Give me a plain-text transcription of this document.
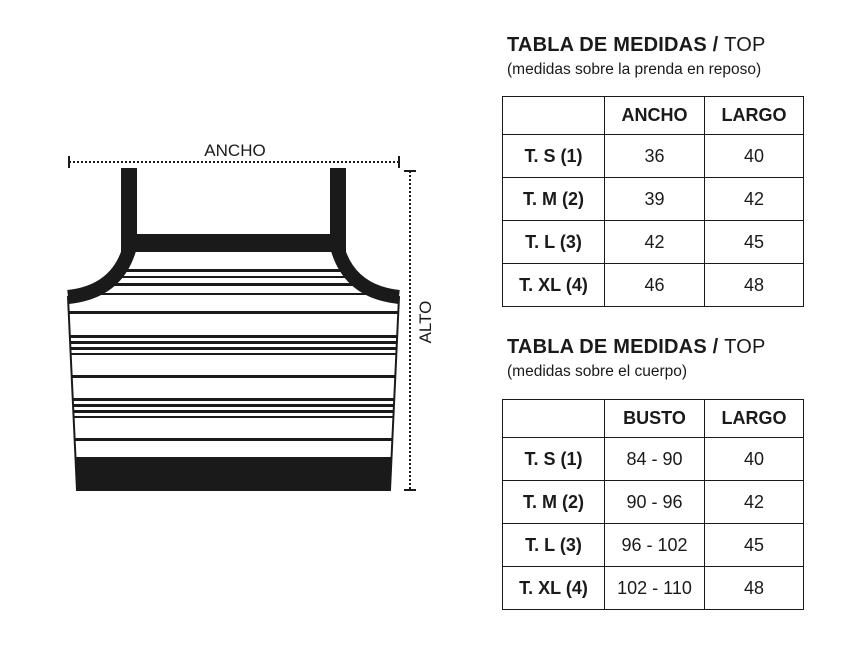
ANCHO
ALTO
TABLA DE MEDIDAS / TOP
(medidas sobre la prenda en reposo)
	ANCHO	LARGO
T. S (1)	36	40
T. M (2)	39	42
T. L (3)	42	45
T. XL (4)	46	48
TABLA DE MEDIDAS / TOP
(medidas sobre el cuerpo)
	BUSTO	LARGO
T. S (1)	84 - 90	40
T. M (2)	90 - 96	42
T. L (3)	96 - 102	45
T. XL (4)	102 - 110	48
